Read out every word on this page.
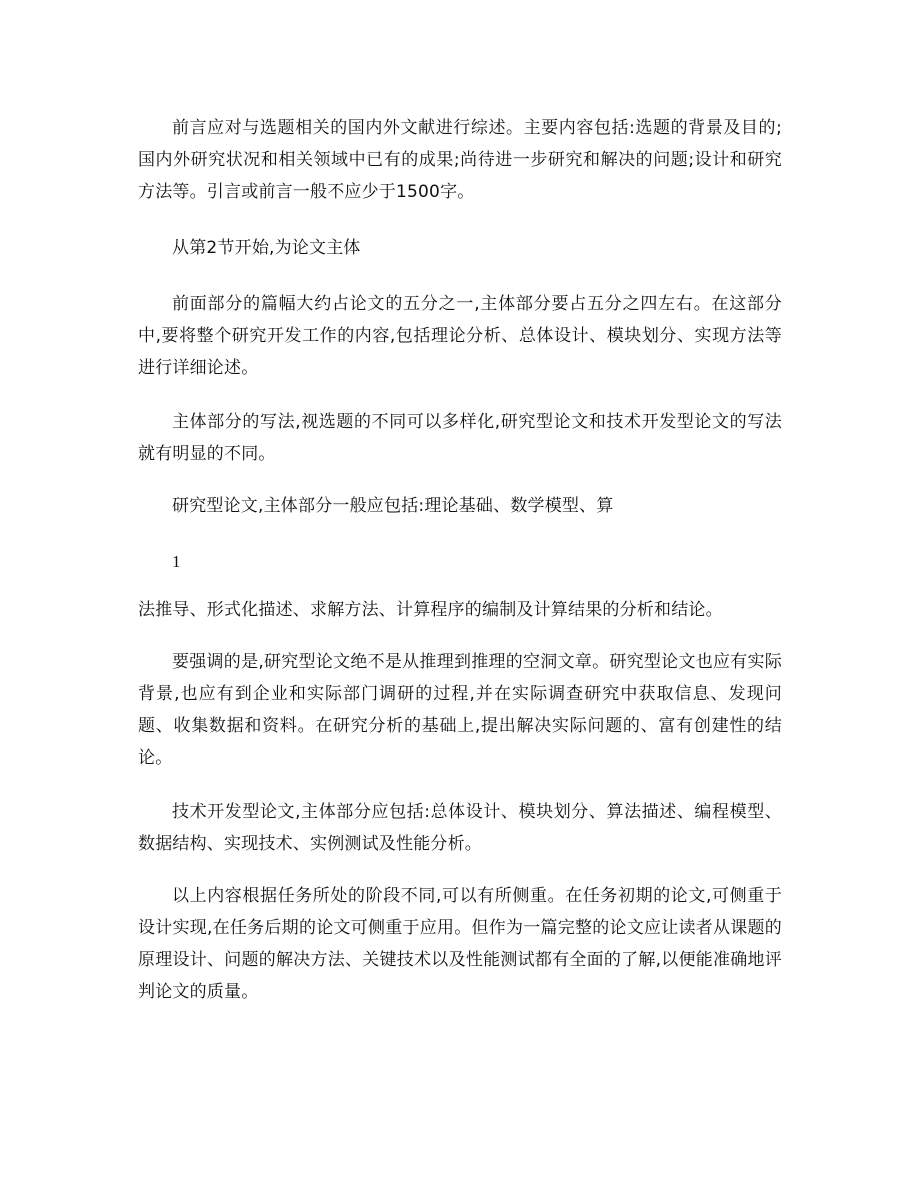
前言应对与选题相关的国内外文献进行综述。主要内容包括:选题的背景及目的;国内外研究状况和相关领域中已有的成果;尚待进一步研究和解决的问题;设计和研究方法等。引言或前言一般不应少于1500字。

从第2节开始,为论文主体

前面部分的篇幅大约占论文的五分之一,主体部分要占五分之四左右。在这部分中,要将整个研究开发工作的内容,包括理论分析、总体设计、模块划分、实现方法等进行详细论述。

主体部分的写法,视选题的不同可以多样化,研究型论文和技术开发型论文的写法就有明显的不同。

研究型论文,主体部分一般应包括:理论基础、数学模型、算

1

法推导、形式化描述、求解方法、计算程序的编制及计算结果的分析和结论。

要强调的是,研究型论文绝不是从推理到推理的空洞文章。研究型论文也应有实际背景,也应有到企业和实际部门调研的过程,并在实际调查研究中获取信息、发现问题、收集数据和资料。在研究分析的基础上,提出解决实际问题的、富有创建性的结论。

技术开发型论文,主体部分应包括:总体设计、模块划分、算法描述、编程模型、数据结构、实现技术、实例测试及性能分析。

以上内容根据任务所处的阶段不同,可以有所侧重。在任务初期的论文,可侧重于设计实现,在任务后期的论文可侧重于应用。但作为一篇完整的论文应让读者从课题的原理设计、问题的解决方法、关键技术以及性能测试都有全面的了解,以便能准确地评判论文的质量。
